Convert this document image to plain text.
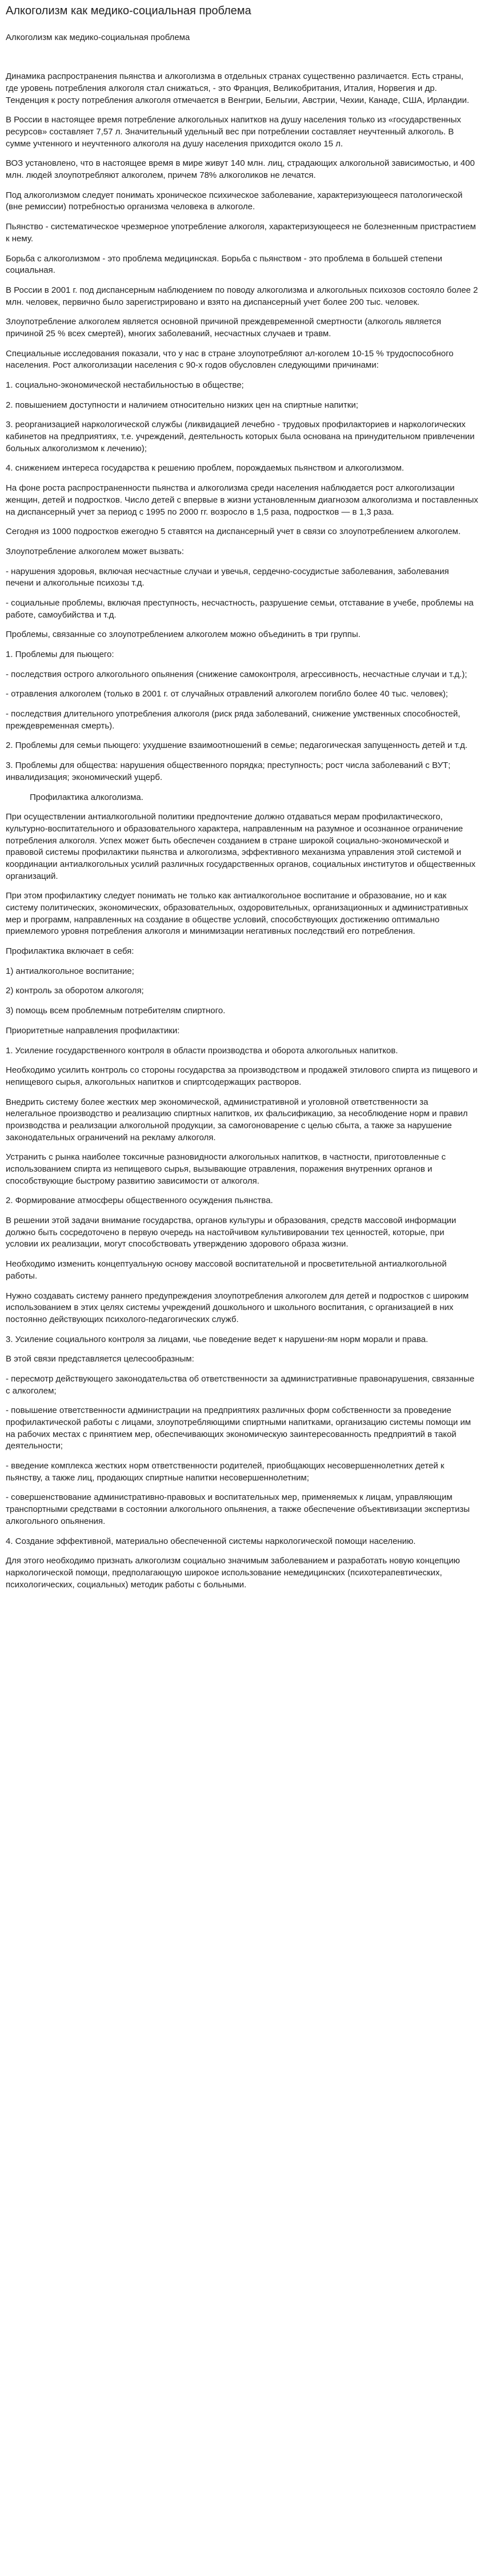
Алкоголизм как медико-социальная проблема
Алкоголизм как медико-социальная проблема

Динамика распространения пьянства и алкоголизма в отдельных странах существенно различается. Есть страны, где уровень потребления алкоголя стал снижаться, - это Франция, Великобритания, Италия, Норвегия и др. Тенденция к росту потребления алкоголя отмечается в Венгрии, Бельгии, Австрии, Чехии, Канаде, США, Ирландии.

В России в настоящее время потребление алкогольных напитков на душу населения только из «государственных ресурсов» составляет 7,57 л. Значительный удельный вес при потреблении составляет неучтенный алкоголь. В сумме учтенного и неучтенного алкоголя на душу населения приходится около 15 л.

ВОЗ установлено, что в настоящее время в мире живут 140 млн. лиц, страдающих алкогольной зависимостью, и 400 млн. людей злоупотребляют алкоголем, причем 78% алкоголиков не лечатся.

Под алкоголизмом следует понимать хроническое психическое заболевание, характеризующееся патологической (вне ремиссии) потребностью организма человека в алкоголе.

Пьянство - систематическое чрезмерное употребление алкоголя, характеризующееся не болезненным пристрастием к нему.

Борьба с алкоголизмом - это проблема медицинская. Борьба с пьянством - это проблема в большей степени социальная.

В России в 2001 г. под диспансерным наблюдением по поводу алкоголизма и алкогольных психозов состояло более 2 млн. человек, первично было зарегистрировано и взято на диспансерный учет более 200 тыс. человек.

Злоупотребление алкоголем является основной причиной преждевременной смертности (алкоголь является причиной 25 % всех смертей), многих заболеваний, несчастных случаев и травм.

Специальные исследования показали, что у нас в стране злоупотребляют ал-коголем 10-15 % трудоспособного населения. Рост алкоголизации населения с 90-х годов обусловлен следующими причинами:

1. социально-экономической нестабильностью в обществе;

2. повышением доступности и наличием относительно низких цен на спиртные напитки;

3. реорганизацией наркологической службы (ликвидацией лечебно - трудовых профилакториев и наркологических кабинетов на предприятиях, т.е. учреждений, деятельность которых была основана на принудительном привлечении больных алкоголизмом к лечению);

4. снижением интереса государства к решению проблем, порождаемых пьянством и алкоголизмом.

На фоне роста распространенности пьянства и алкоголизма среди населения наблюдается рост алкоголизации женщин, детей и подростков. Число детей с впервые в жизни установленным диагнозом алкоголизма и поставленных на диспансерный учет за период с 1995 по 2000 гг. возросло в 1,5 раза, подростков — в 1,3 раза.

Сегодня из 1000 подростков ежегодно 5 ставятся на диспансерный учет в связи со злоупотреблением алкоголем.

Злоупотребление алкоголем может вызвать:

- нарушения здоровья, включая несчастные случаи и увечья, сердечно-сосудистые заболевания, заболевания печени и алкогольные психозы т.д.

- социальные проблемы, включая преступность, несчастность, разрушение семьи, отставание в учебе, проблемы на работе, самоубийства и т.д.

Проблемы, связанные со злоупотреблением алкоголем можно объединить в три группы.

1. Проблемы для пьющего:

- последствия острого алкогольного опьянения (снижение самоконтроля, агрессивность, несчастные случаи и т.д.);

- отравления алкоголем (только в 2001 г. от случайных отравлений алкоголем погибло более 40 тыс. человек);

- последствия длительного употребления алкоголя (риск ряда заболеваний, снижение умственных способностей, преждевременная смерть).

2. Проблемы для семьи пьющего: ухудшение взаимоотношений в семье; педагогическая запущенность детей и т.д.

3. Проблемы для общества: нарушения общественного порядка; преступность; рост числа заболеваний с ВУТ; инвалидизация; экономический ущерб.

Профилактика алкоголизма.

При осуществлении антиалкогольной политики предпочтение должно отдаваться мерам профилактического, культурно-воспитательного и образовательного характера, направленным на разумное и осознанное ограничение потребления алкоголя. Успех может быть обеспечен созданием в стране широкой социально-экономической и правовой системы профилактики пьянства и алкоголизма, эффективного механизма управления этой системой и координации антиалкогольных усилий различных государственных органов, социальных институтов и общественных организаций.

При этом профилактику следует понимать не только как антиалкогольное воспитание и образование, но и как систему политических, экономических, образовательных, оздоровительных, организационных и административных мер и программ, направленных на создание в обществе условий, способствующих достижению оптимально приемлемого уровня потребления алкоголя и минимизации негативных последствий его потребления.

Профилактика включает в себя:

1) антиалкогольное воспитание;

2) контроль за оборотом алкоголя;

3) помощь всем проблемным потребителям спиртного.

Приоритетные направления профилактики:

1. Усиление государственного контроля в области производства и оборота алкогольных напитков.

Необходимо усилить контроль со стороны государства за производством и продажей этилового спирта из пищевого и непищевого сырья, алкогольных напитков и спиртсодержащих растворов.

Внедрить систему более жестких мер экономической, административной и уголовной ответственности за нелегальное производство и реализацию спиртных напитков, их фальсификацию, за несоблюдение норм и правил производства и реализации алкогольной продукции, за самогоноварение с целью сбыта, а также за нарушение законодательных ограничений на рекламу алкоголя.

Устранить с рынка наиболее токсичные разновидности алкогольных напитков, в частности, приготовленные с использованием спирта из непищевого сырья, вызывающие отравления, поражения внутренних органов и способствующие быстрому развитию зависимости от алкоголя.

2. Формирование атмосферы общественного осуждения пьянства.

В решении этой задачи внимание государства, органов культуры и образования, средств массовой информации должно быть сосредоточено в первую очередь на настойчивом культивировании тех ценностей, которые, при условии их реализации, могут способствовать утверждению здорового образа жизни.

Необходимо изменить концептуальную основу массовой воспитательной и просветительной антиалкогольной работы.

Нужно создавать систему раннего предупреждения злоупотребления алкоголем для детей и подростков с широким использованием в этих целях системы учреждений дошкольного и школьного воспитания, с организацией в них постоянно действующих психолого-педагогических служб.

3. Усиление социального контроля за лицами, чье поведение ведет к нарушени-ям норм морали и права.

В этой связи представляется целесообразным:

- пересмотр действующего законодательства об ответственности за административные правонарушения, связанные с алкоголем;

- повышение ответственности администрации на предприятиях различных форм собственности за проведение профилактической работы с лицами, злоупотребляющими спиртными напитками, организацию системы помощи им на рабочих местах с принятием мер, обеспечивающих экономическую заинтересованность предприятий в такой деятельности;

- введение комплекса жестких норм ответственности родителей, приобщающих несовершеннолетних детей к пьянству, а также лиц, продающих спиртные напитки несовершеннолетним;

- совершенствование административно-правовых и воспитательных мер, применяемых к лицам, управляющим транспортными средствами в состоянии алкогольного опьянения, а также обеспечение объективизации экспертизы алкогольного опьянения.

4. Создание эффективной, материально обеспеченной системы наркологической помощи населению.

Для этого необходимо признать алкоголизм социально значимым заболеванием и разработать новую концепцию наркологической помощи, предполагающую широкое использование немедицинских (психотерапевтических, психологических, социальных) методик работы с больными.
